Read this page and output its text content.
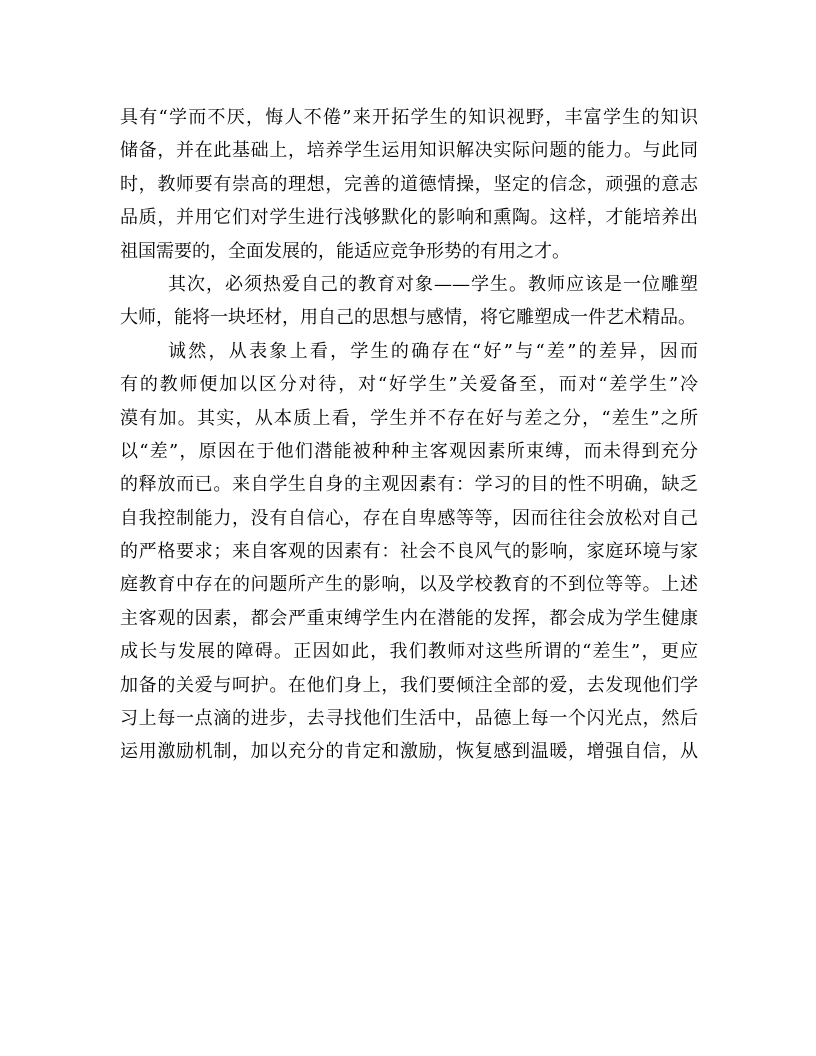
具有“学而不厌，悔人不倦”来开拓学生的知识视野，丰富学生的知识
储备，并在此基础上，培养学生运用知识解决实际问题的能力。与此同
时，教师要有崇高的理想，完善的道德情操，坚定的信念，顽强的意志
品质，并用它们对学生进行浅够默化的影响和熏陶。这样，才能培养出
祖国需要的，全面发展的，能适应竞争形势的有用之才。
其次，必须热爱自己的教育对象——学生。教师应该是一位雕塑
大师，能将一块坯材，用自己的思想与感情，将它雕塑成一件艺术精品。
诚然，从表象上看，学生的确存在“好”与“差”的差异，因而
有的教师便加以区分对待，对“好学生”关爱备至，而对“差学生”冷
漠有加。其实，从本质上看，学生并不存在好与差之分，“差生”之所
以“差”，原因在于他们潜能被种种主客观因素所束缚，而未得到充分
的释放而已。来自学生自身的主观因素有：学习的目的性不明确，缺乏
自我控制能力，没有自信心，存在自卑感等等，因而往往会放松对自己
的严格要求；来自客观的因素有：社会不良风气的影响，家庭环境与家
庭教育中存在的问题所产生的影响，以及学校教育的不到位等等。上述
主客观的因素，都会严重束缚学生内在潜能的发挥，都会成为学生健康
成长与发展的障碍。正因如此，我们教师对这些所谓的“差生”，更应
加备的关爱与呵护。在他们身上，我们要倾注全部的爱，去发现他们学
习上每一点滴的进步，去寻找他们生活中，品德上每一个闪光点，然后
运用激励机制，加以充分的肯定和激励，恢复感到温暖，增强自信，从
